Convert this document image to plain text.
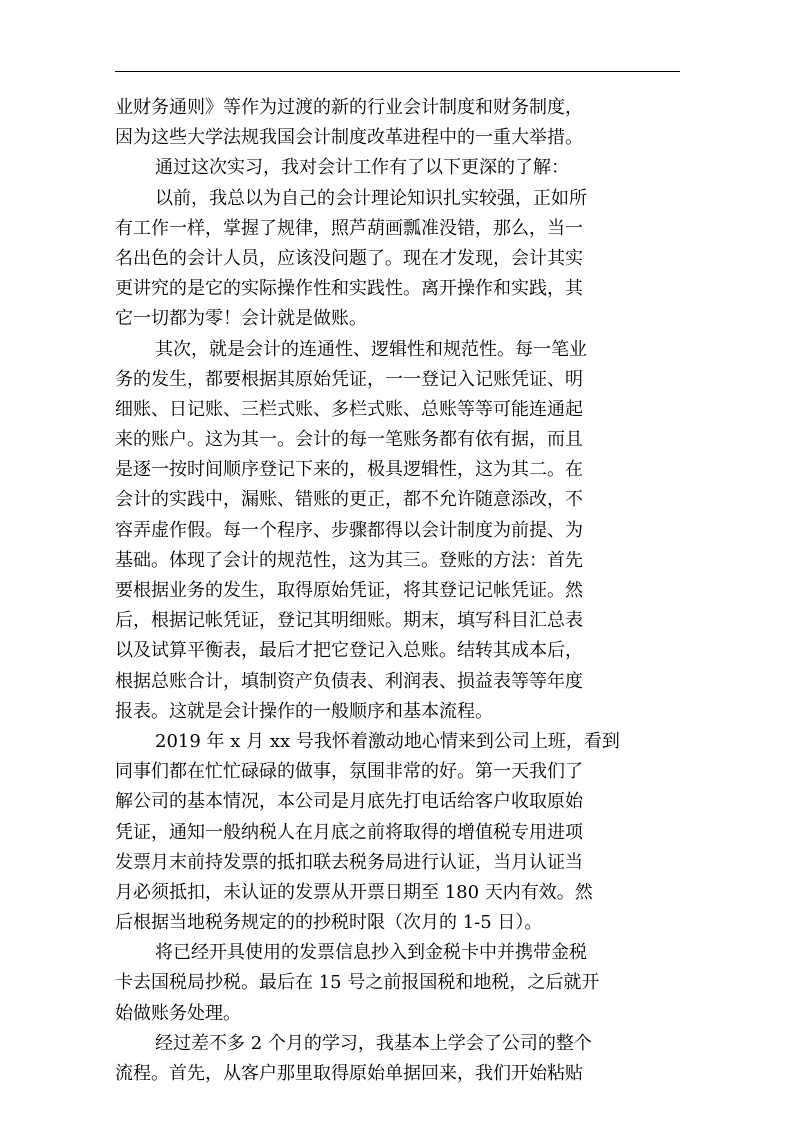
业财务通则》等作为过渡的新的行业会计制度和财务制度，
因为这些大学法规我国会计制度改革进程中的一重大举措。
通过这次实习，我对会计工作有了以下更深的了解：
以前，我总以为自己的会计理论知识扎实较强，正如所
有工作一样，掌握了规律，照芦葫画瓢准没错，那么，当一
名出色的会计人员，应该没问题了。现在才发现，会计其实
更讲究的是它的实际操作性和实践性。离开操作和实践，其
它一切都为零！会计就是做账。
其次，就是会计的连通性、逻辑性和规范性。每一笔业
务的发生，都要根据其原始凭证，一一登记入记账凭证、明
细账、日记账、三栏式账、多栏式账、总账等等可能连通起
来的账户。这为其一。会计的每一笔账务都有依有据，而且
是逐一按时间顺序登记下来的，极具逻辑性，这为其二。在
会计的实践中，漏账、错账的更正，都不允许随意添改，不
容弄虚作假。每一个程序、步骤都得以会计制度为前提、为
基础。体现了会计的规范性，这为其三。登账的方法：首先
要根据业务的发生，取得原始凭证，将其登记记帐凭证。然
后，根据记帐凭证，登记其明细账。期末，填写科目汇总表
以及试算平衡表，最后才把它登记入总账。结转其成本后，
根据总账合计，填制资产负债表、利润表、损益表等等年度
报表。这就是会计操作的一般顺序和基本流程。
2019 年 x 月 xx 号我怀着激动地心情来到公司上班，看到
同事们都在忙忙碌碌的做事，氛围非常的好。第一天我们了
解公司的基本情况，本公司是月底先打电话给客户收取原始
凭证，通知一般纳税人在月底之前将取得的增值税专用进项
发票月末前持发票的抵扣联去税务局进行认证，当月认证当
月必须抵扣，未认证的发票从开票日期至 180 天内有效。然
后根据当地税务规定的的抄税时限（次月的 1-5 日）。
将已经开具使用的发票信息抄入到金税卡中并携带金税
卡去国税局抄税。最后在 15 号之前报国税和地税，之后就开
始做账务处理。
经过差不多 2 个月的学习，我基本上学会了公司的整个
流程。首先，从客户那里取得原始单据回来，我们开始粘贴
